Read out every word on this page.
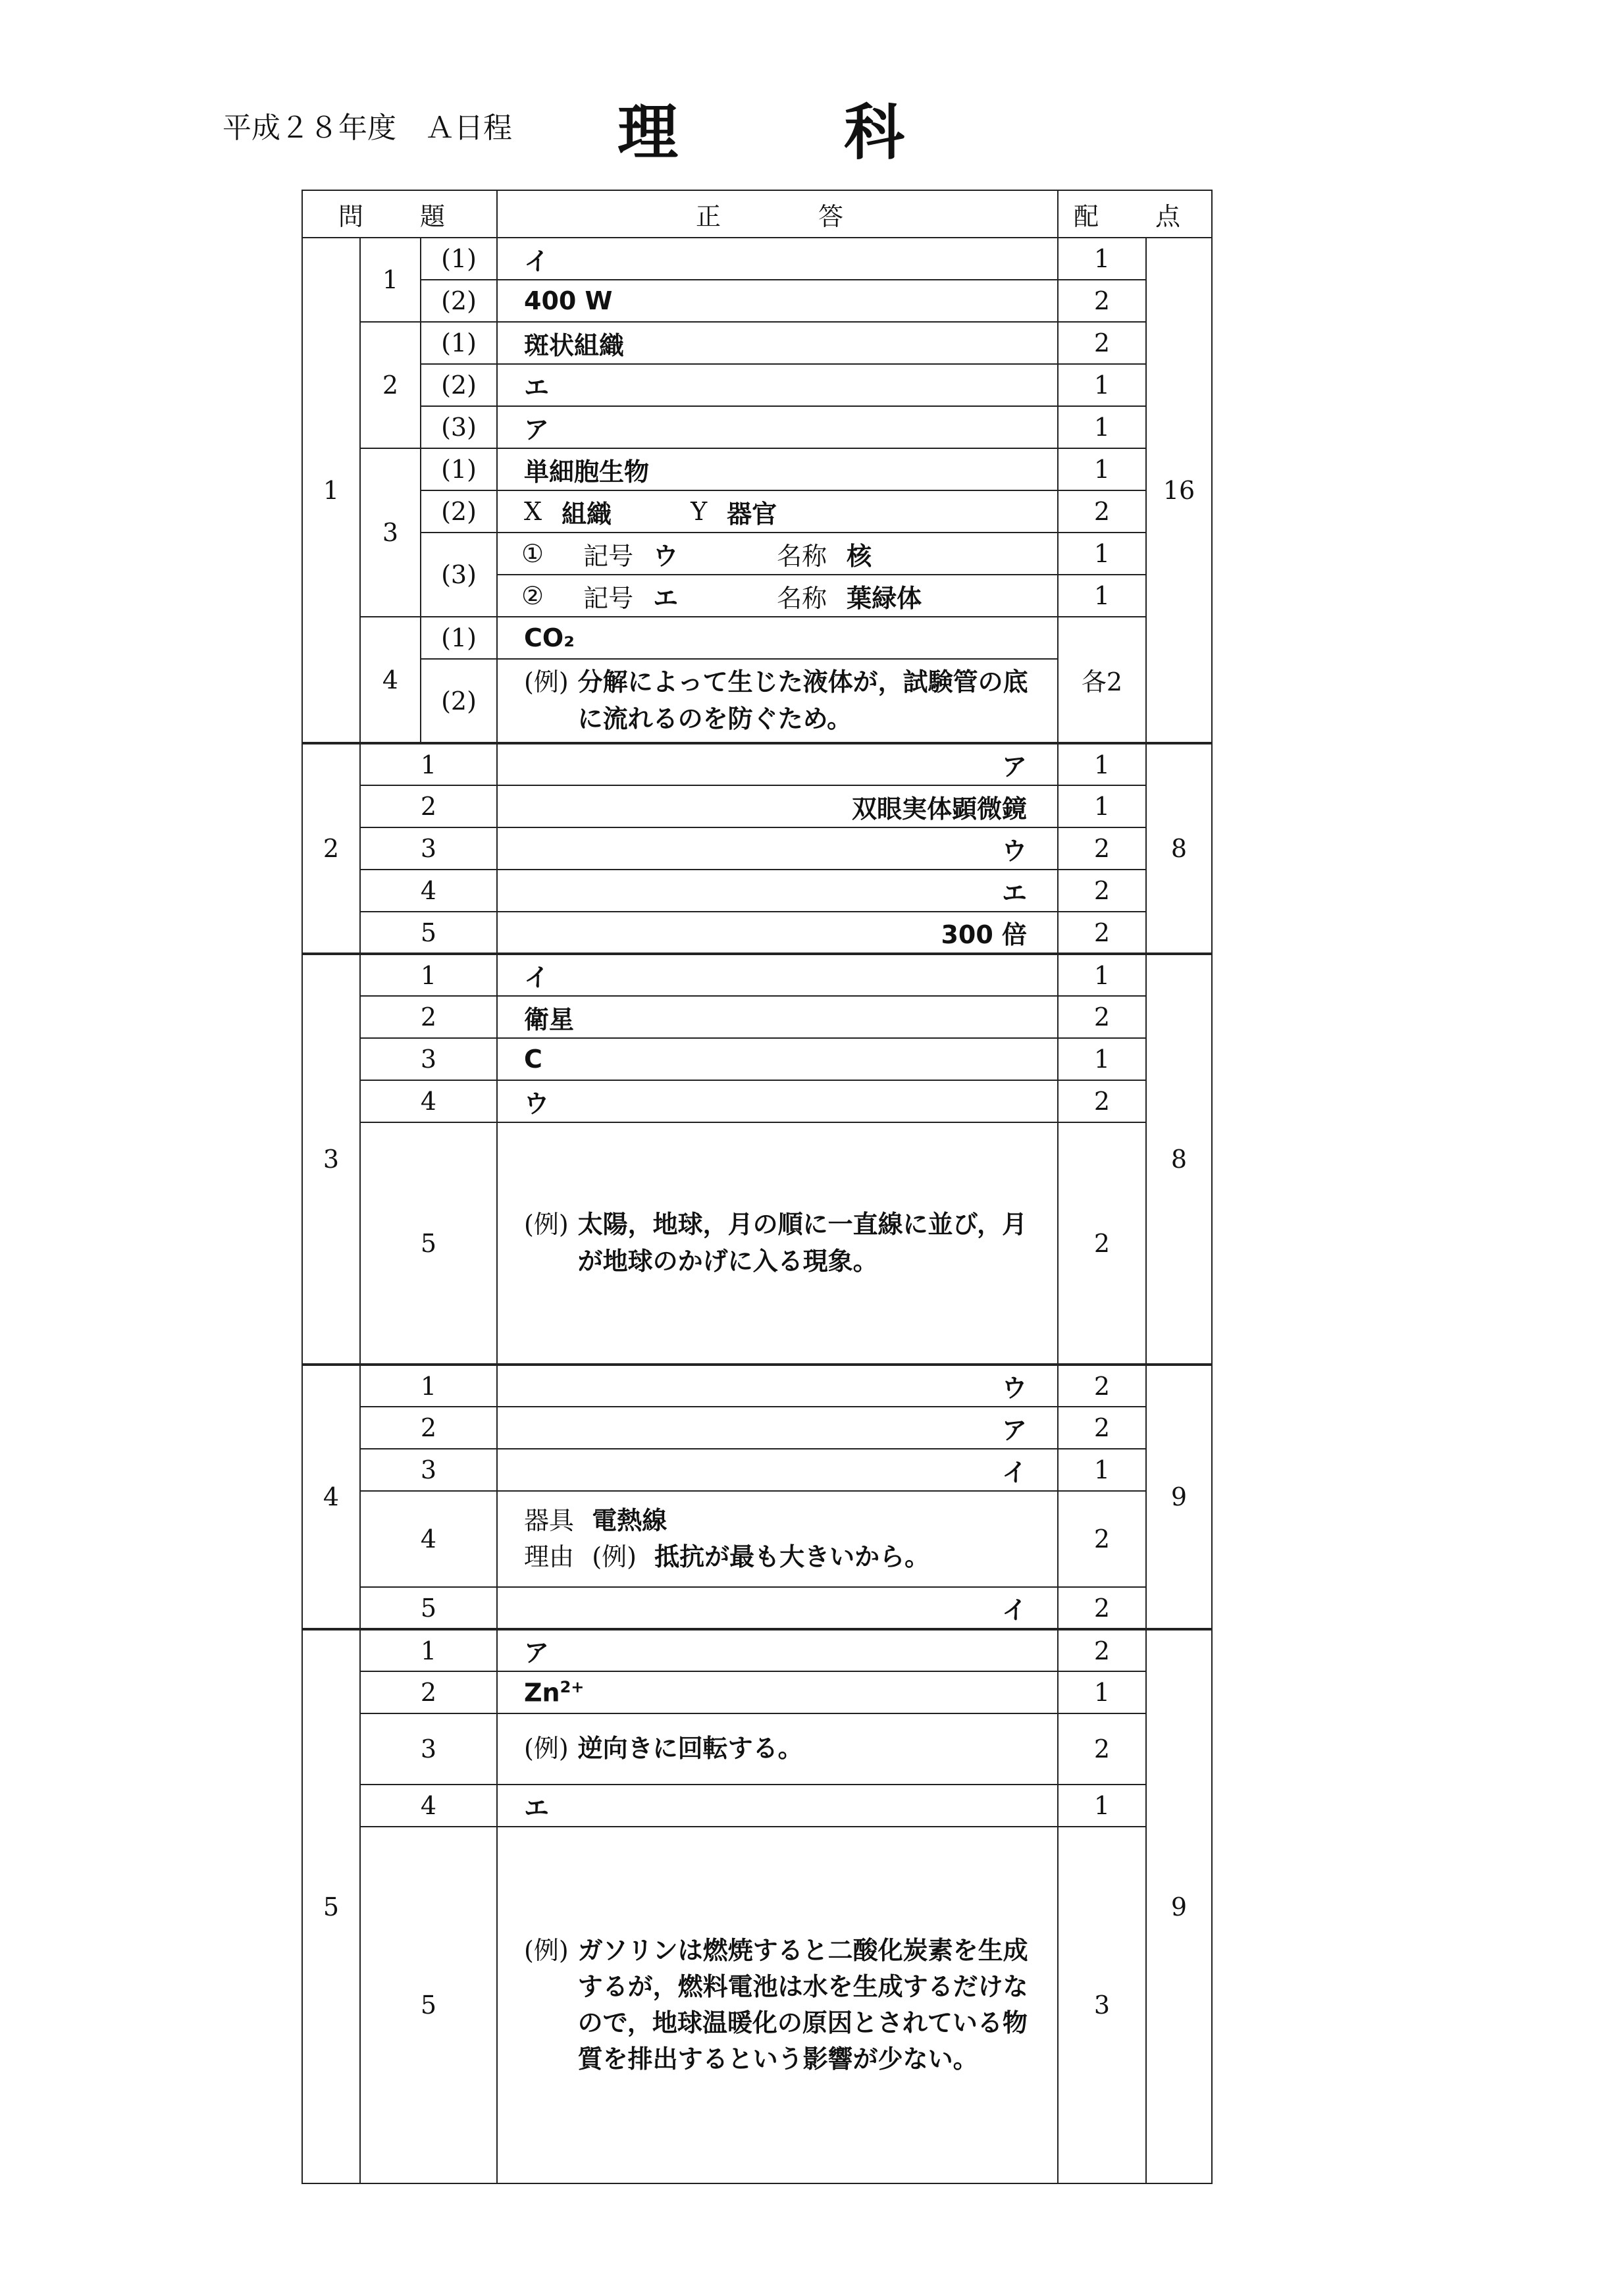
平成２８年度　Ａ日程 理　科
問　題			正　　答	配　点	
1	1	(1)	イ	1	16
		(2)	400 W	2	
	2	(1)	斑状組織	2	
		(2)	エ	1	
		(3)	ア	1	
	3	(1)	単細胞生物	1	
		(2)	X 組織 Y 器官	2	
		(3)	① 記号 ウ 名称 核	1	

			② 記号 エ 名称 葉緑体	1	
	4	(1)	CO₂	各2	
		(2)	(例) 分解によって生じた液体が，試験管の底に流れるのを防ぐため。		

2	1		ア	1	8
	2		双眼実体顕微鏡	1	
	3		ウ	2	
	4		エ	2	
	5		300 倍	2	
3	1		イ	1	8
	2		衛星	2	
	3		C	1	
	4		ウ	2	
	5		(例) 太陽，地球，月の順に一直線に並び，月が地球のかげに入る現象。	2	
4	1		ウ	2	9
	2		ア	2	
	3		イ	1	
	4		器具 電熱線
理由 (例) 抵抗が最も大きいから。	2	
	5		イ	2	
5	1		ア	2	9
	2		$Zn^{2+}$	1	
	3		(例) 逆向きに回転する。	2	
	4		エ	1	
	5		(例) ガソリンは燃焼すると二酸化炭素を生成するが，燃料電池は水を生成するだけなので，地球温暖化の原因とされている物質を排出するという影響が少ない。	3	
